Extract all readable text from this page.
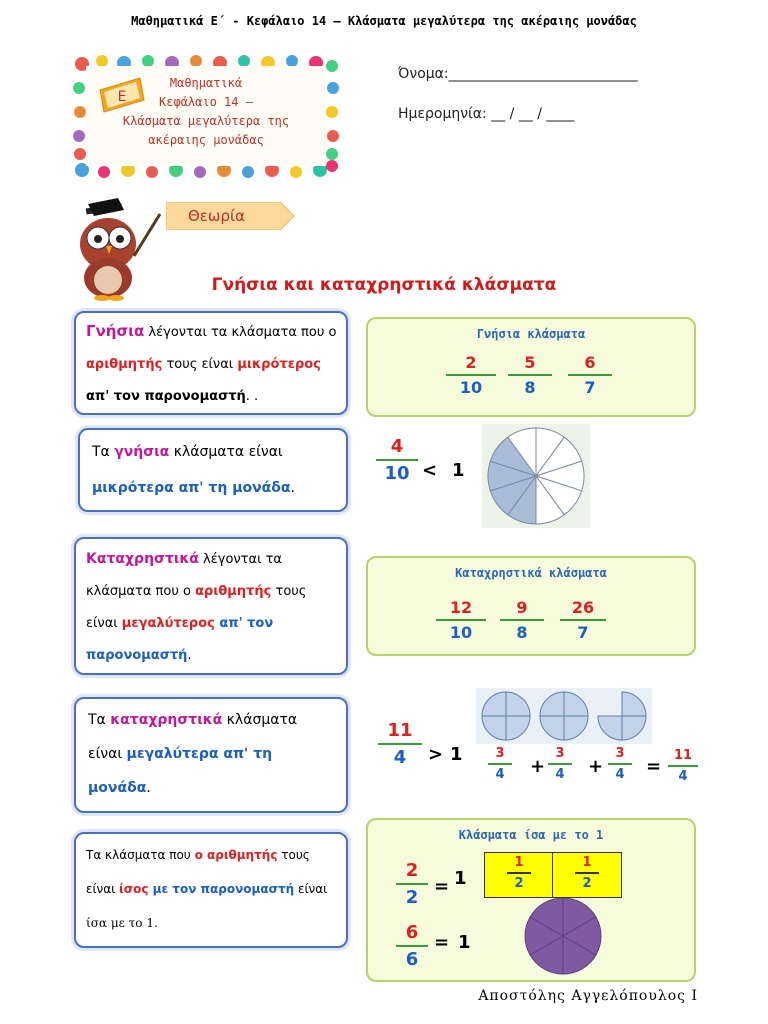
Μαθηματικά Ε΄ - Κεφάλαιο 14 – Κλάσματα μεγαλύτερα της ακέραιης μονάδας
Μαθηματικά
Κεφάλαιο 14 –
Κλάσματα μεγαλύτερα της
ακέραιης μονάδας
Ε
Όνομα:___________________________
Ημερομηνία: __ / __ / ____
Θεωρία
Γνήσια και καταχρηστικά κλάσματα
Γνήσια λέγονται τα κλάσματα που ο
αριθμητής τους είναι μικρότερος
απ' τον παρονομαστή. .
Τα γνήσια κλάσματα είναι
μικρότερα απ' τη μονάδα.
Καταχρηστικά λέγονται τα
κλάσματα που ο αριθμητής τους
είναι μεγαλύτερος απ' τον
παρονομαστή.
Τα καταχρηστικά κλάσματα
είναι μεγαλύτερα απ' τη
μονάδα.
Τα κλάσματα που ο αριθμητής τους
είναι ίσος με τον παρονομαστή είναι
ίσα με το 1.
Γνήσια κλάσματα
2
10
5
8
6
7
4
10 < 1
Καταχρηστικά κλάσματα
12
10
9
8
26
7
11
4	> 1	3
4	+
3
4	+
3
4	=
11
4
Κλάσματα ίσα με το 1
2
2
= 1
1
2
1
2
6
6
= 1
Αποστόλης Αγγελόπουλος Ι
